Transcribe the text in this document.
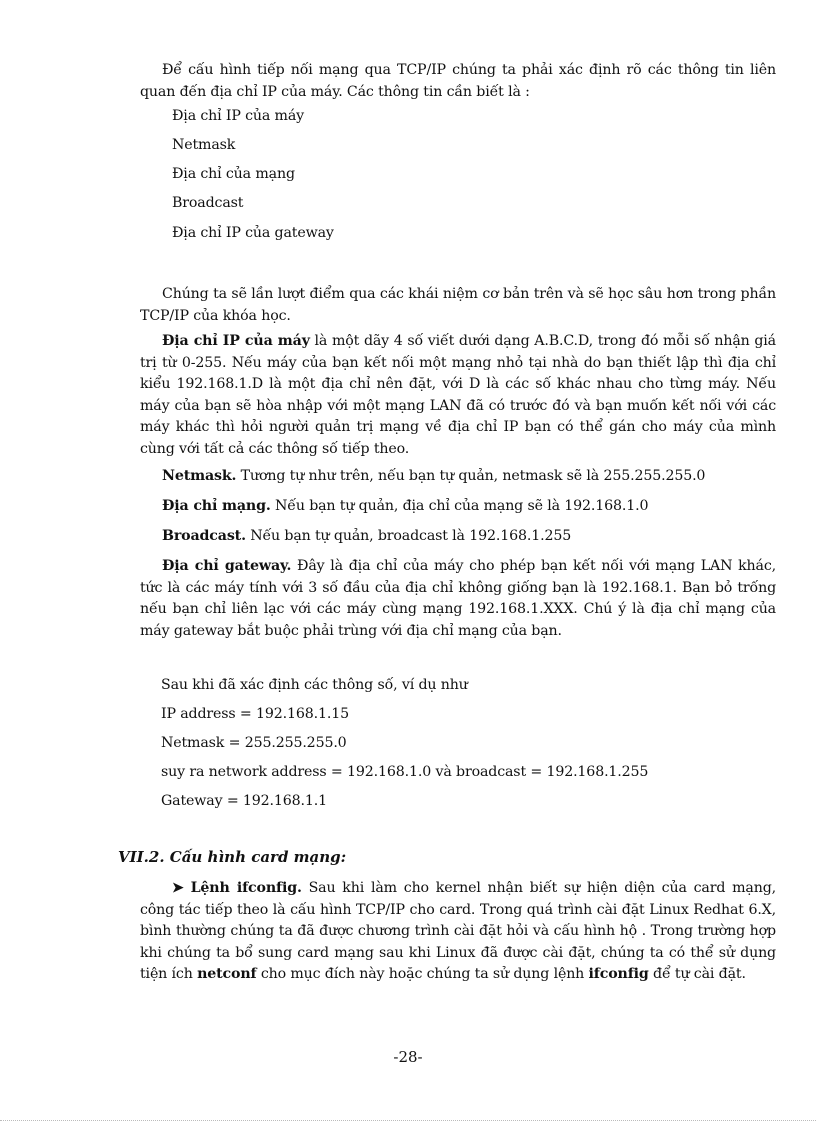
Để cấu hình tiếp nối mạng qua TCP/IP chúng ta phải xác định rõ các thông tin liên quan đến địa chỉ IP của máy. Các thông tin cần biết là :
Địa chỉ IP của máy
Netmask
Địa chỉ của mạng
Broadcast
Địa chỉ IP của gateway
Chúng ta sẽ lần lượt điểm qua các khái niệm cơ bản trên và sẽ học sâu hơn trong phần TCP/IP của khóa học.
Địa chỉ IP của máy là một dãy 4 số viết dưới dạng A.B.C.D, trong đó mỗi số nhận giá trị từ 0-255. Nếu máy của bạn kết nối một mạng nhỏ tại nhà do bạn thiết lập thì địa chỉ kiểu 192.168.1.D là một địa chỉ nên đặt, với D là các số khác nhau cho từng máy. Nếu máy của bạn sẽ hòa nhập với một mạng LAN đã có trước đó và bạn muốn kết nối với các máy khác thì hỏi người quản trị mạng về địa chỉ IP bạn có thể gán cho máy của mình cùng với tất cả các thông số tiếp theo.
Netmask. Tương tự như trên, nếu bạn tự quản, netmask sẽ là 255.255.255.0
Địa chỉ mạng. Nếu bạn tự quản, địa chỉ của mạng sẽ là 192.168.1.0
Broadcast. Nếu bạn tự quản, broadcast là 192.168.1.255
Địa chỉ gateway. Đây là địa chỉ của máy cho phép bạn kết nối với mạng LAN khác, tức là các máy tính với 3 số đầu của địa chỉ không giống bạn là 192.168.1. Bạn bỏ trống nếu bạn chỉ liên lạc với các máy cùng mạng 192.168.1.XXX. Chú ý là địa chỉ mạng của máy gateway bắt buộc phải trùng với địa chỉ mạng của bạn.
Sau khi đã xác định các thông số, ví dụ như
IP address = 192.168.1.15
Netmask = 255.255.255.0
suy ra network address = 192.168.1.0 và broadcast = 192.168.1.255
Gateway = 192.168.1.1
VII.2. Cấu hình card mạng:
➤ Lệnh ifconfig. Sau khi làm cho kernel nhận biết sự hiện diện của card mạng, công tác tiếp theo là cấu hình TCP/IP cho card. Trong quá trình cài đặt Linux Redhat 6.X, bình thường chúng ta đã được chương trình cài đặt hỏi và cấu hình hộ . Trong trường hợp khi chúng ta bổ sung card mạng sau khi Linux đã được cài đặt, chúng ta có thể sử dụng tiện ích netconf cho mục đích này hoặc chúng ta sử dụng lệnh ifconfig để tự cài đặt.
-28-
